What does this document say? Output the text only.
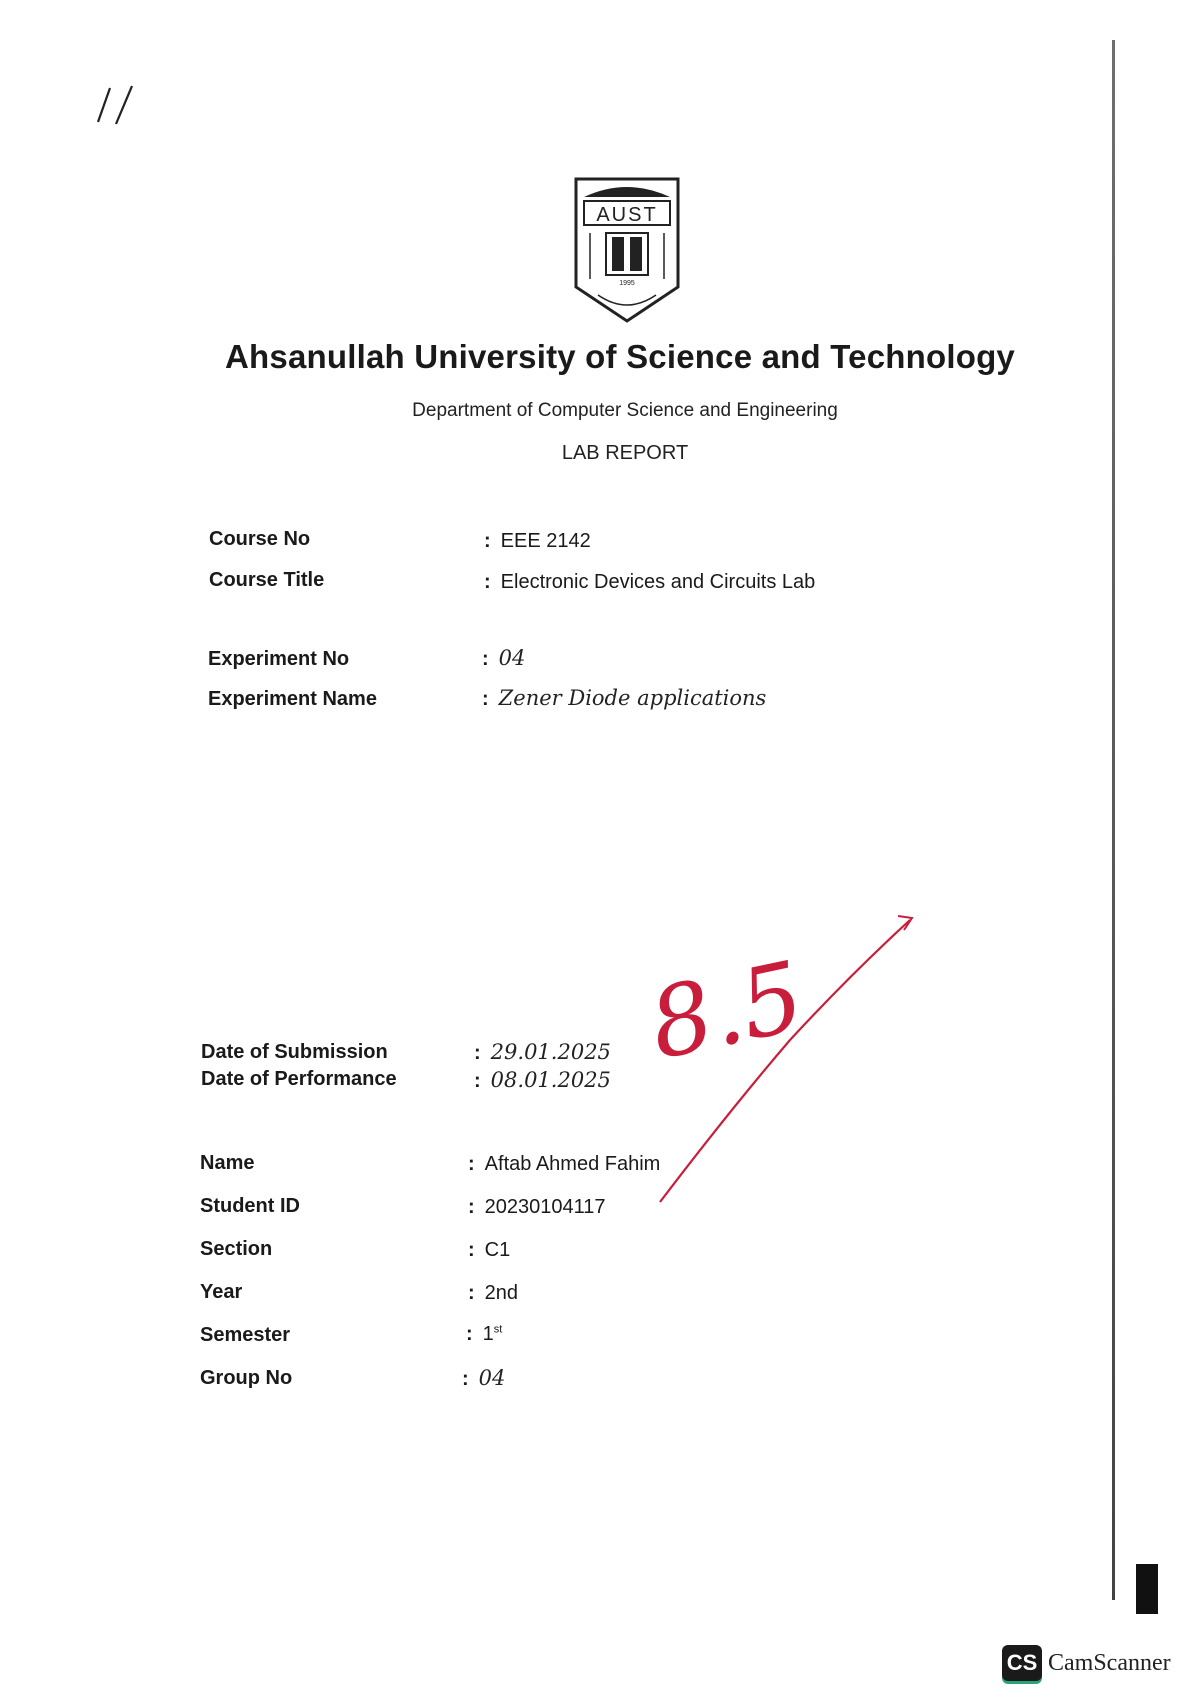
AUST
1995
Ahsanullah University of Science and Technology
Department of Computer Science and Engineering
LAB REPORT
Course No	: EEE 2142
Course Title	: Electronic Devices and Circuits Lab
Experiment No	: 04
Experiment Name	: Zener Diode applications
8.5
Date of Submission	: 29.01.2025
Date of Performance	: 08.01.2025
Name	: Aftab Ahmed Fahim
Student ID	: 20230104117
Section	: C1
Year	: 2nd
Semester	: 1st
Group No	: 04
CS CamScanner
